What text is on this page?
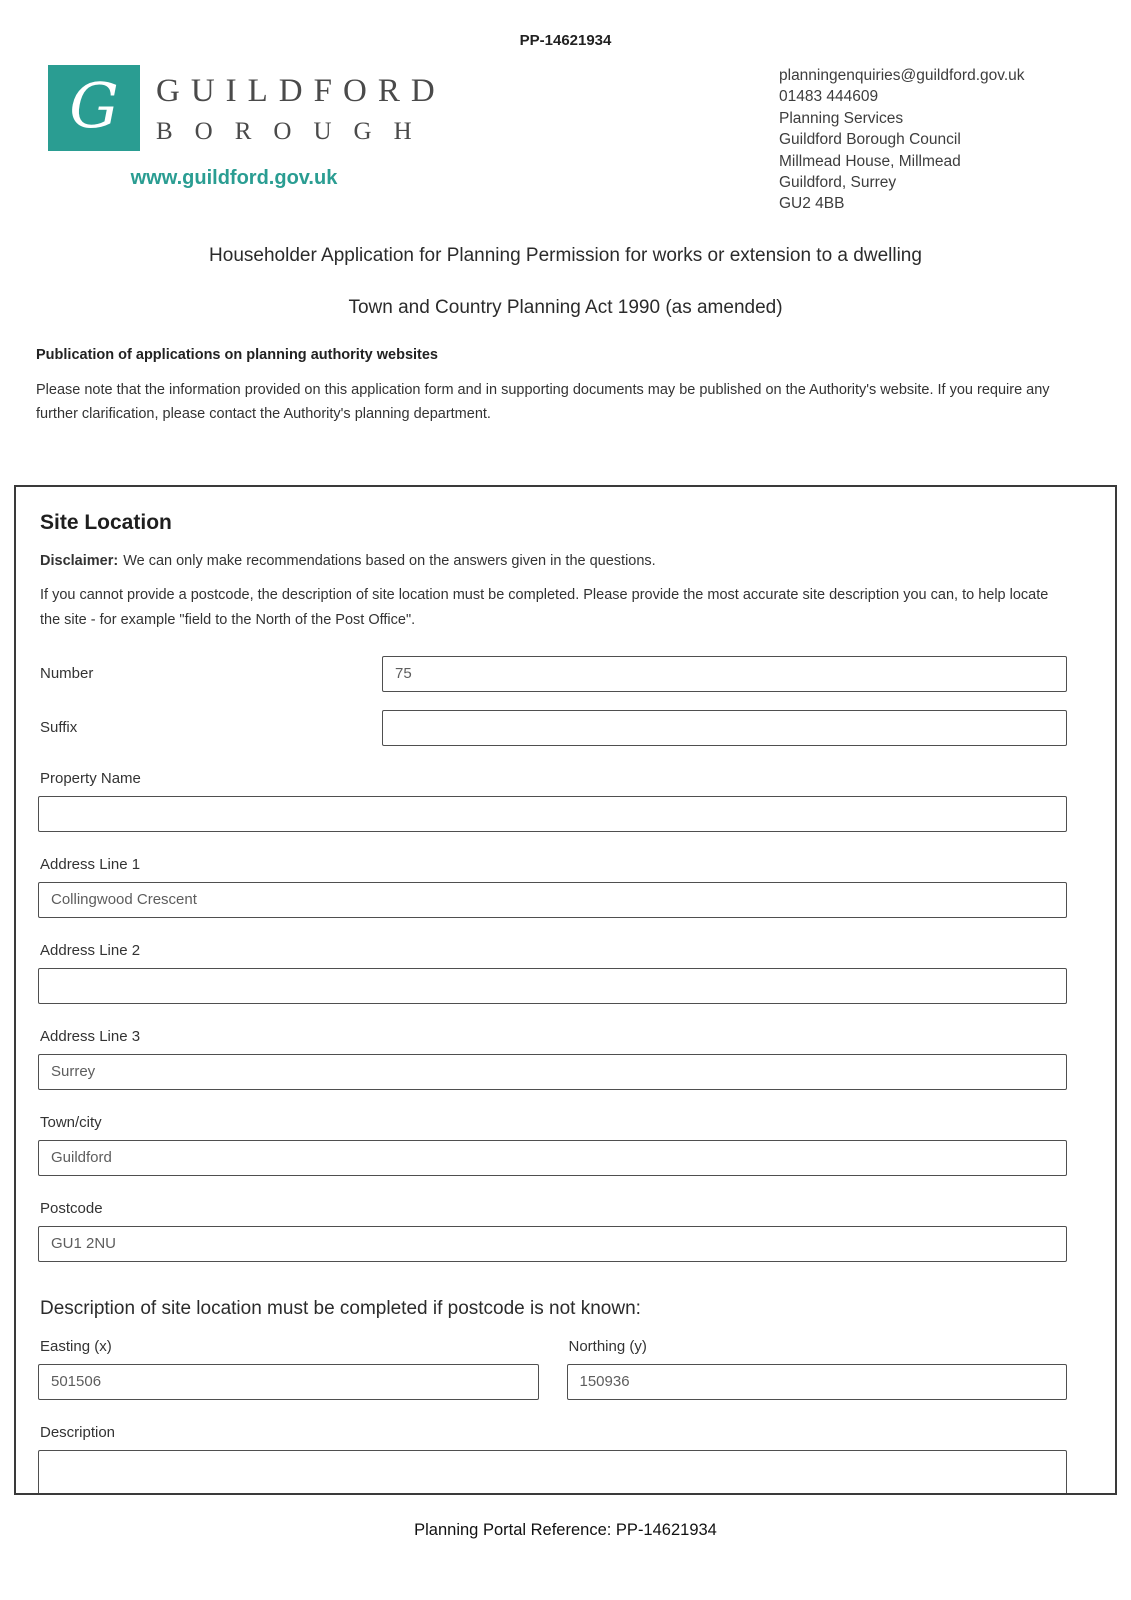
PP-14621934
G GUILDFORD
BOROUGH
www.guildford.gov.uk
planningenquiries@guildford.gov.uk
01483 444609
Planning Services
Guildford Borough Council
Millmead House, Millmead
Guildford, Surrey
GU2 4BB
Householder Application for Planning Permission for works or extension to a dwelling
Town and Country Planning Act 1990 (as amended)
Publication of applications on planning authority websites
Please note that the information provided on this application form and in supporting documents may be published on the Authority's website. If you require any further clarification, please contact the Authority's planning department.
Site Location
Disclaimer: We can only make recommendations based on the answers given in the questions.
If you cannot provide a postcode, the description of site location must be completed. Please provide the most accurate site description you can, to help locate the site - for example "field to the North of the Post Office".
Number
75
Suffix
Property Name
Address Line 1
Collingwood Crescent
Address Line 2
Address Line 3
Surrey
Town/city
Guildford
Postcode
GU1 2NU
Description of site location must be completed if postcode is not known:
Easting (x)
501506	Northing (y)
150936
Description
Planning Portal Reference: PP-14621934
